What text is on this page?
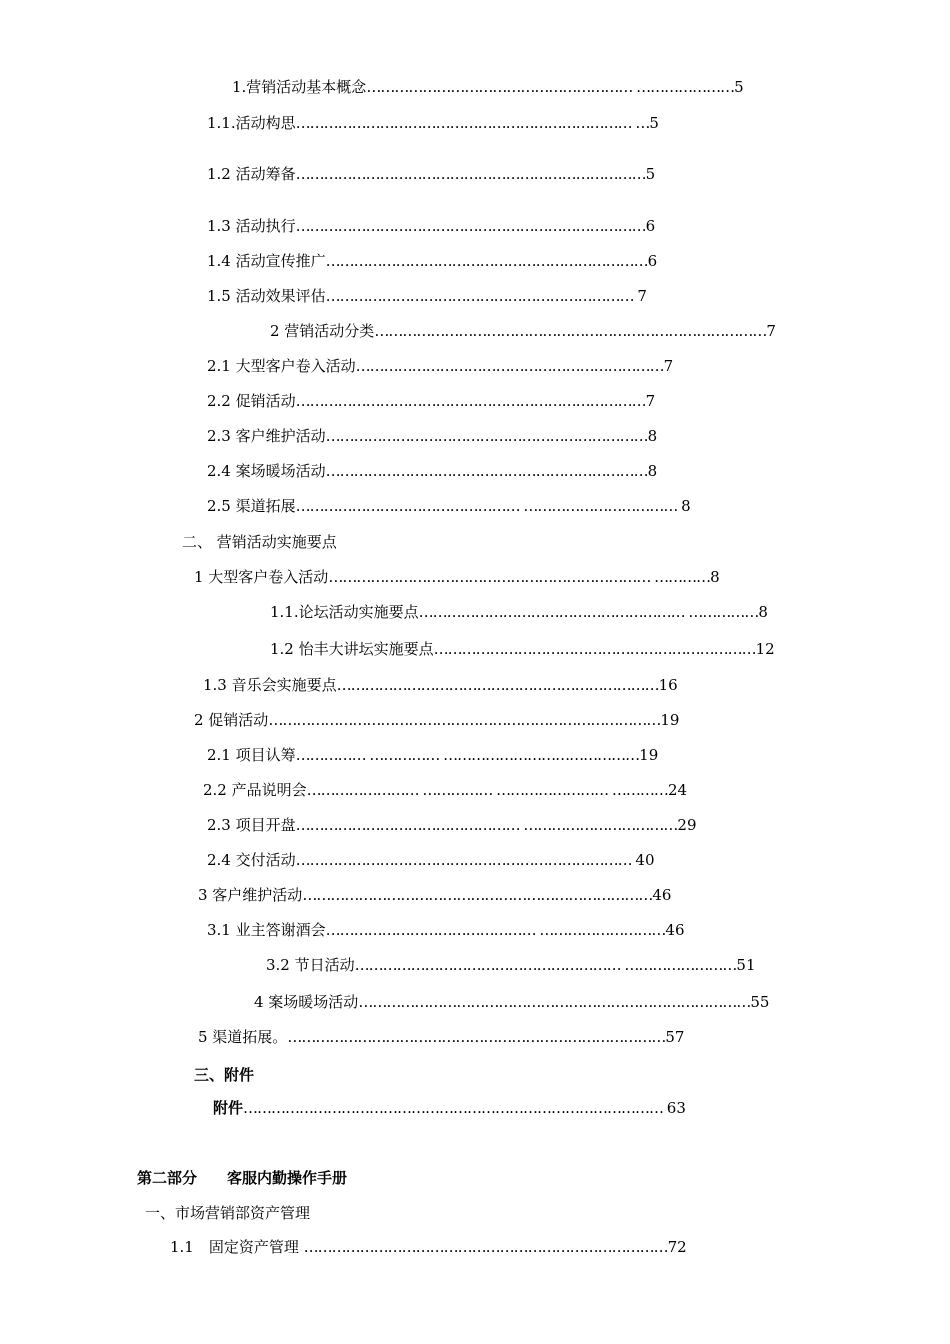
1.营销活动基本概念………………………………………………… …………………5
1.1.活动构思……………………………………………………………… …5
1.2 活动筹备…………………………………………………………………5
1.3 活动执行…………………………………………………………………6
1.4 活动宣传推广……………………………………………………………6
1.5 活动效果评估………………………………………………………… 7
2 营销活动分类…………………………………………………………………………7
2.1 大型客户卷入活动…………………………………………………………7
2.2 促销活动…………………………………………………………………7
2.3 客户维护活动……………………………………………………………8
2.4 案场暖场活动……………………………………………………………8
2.5 渠道拓展………………………………………… …………………………… 8
二、 营销活动实施要点
1 大型客户卷入活动…………………………………………………………… …………8
1.1.论坛活动实施要点………………………………………………… ……………8
1.2 怡丰大讲坛实施要点……………………………………………………………12
1.3 音乐会实施要点……………………………………………………………16
2 促销活动…………………………………………………………………………19
2.1 项目认筹…………… …………… ……………………………………19
2.2 产品说明会…………………… …………… …………………… …………24
2.3 项目开盘………………………………………… ……………………………29
2.4 交付活动……………………………………………………………… 40
3 客户维护活动…………………………………………………………………46
3.1 业主答谢酒会……………………………………… ………………………46
3.2 节日活动………………………………………………… ……………………51
4 案场暖场活动…………………………………………………………………………55
5 渠道拓展。………………………………………………………………………57
三、附件
附件……………………………………………………………………………… 63
第二部分　　客服内勤操作手册
一、市场营销部资产管理
1.1　固定资产管理 ……………………………………………………………………72
